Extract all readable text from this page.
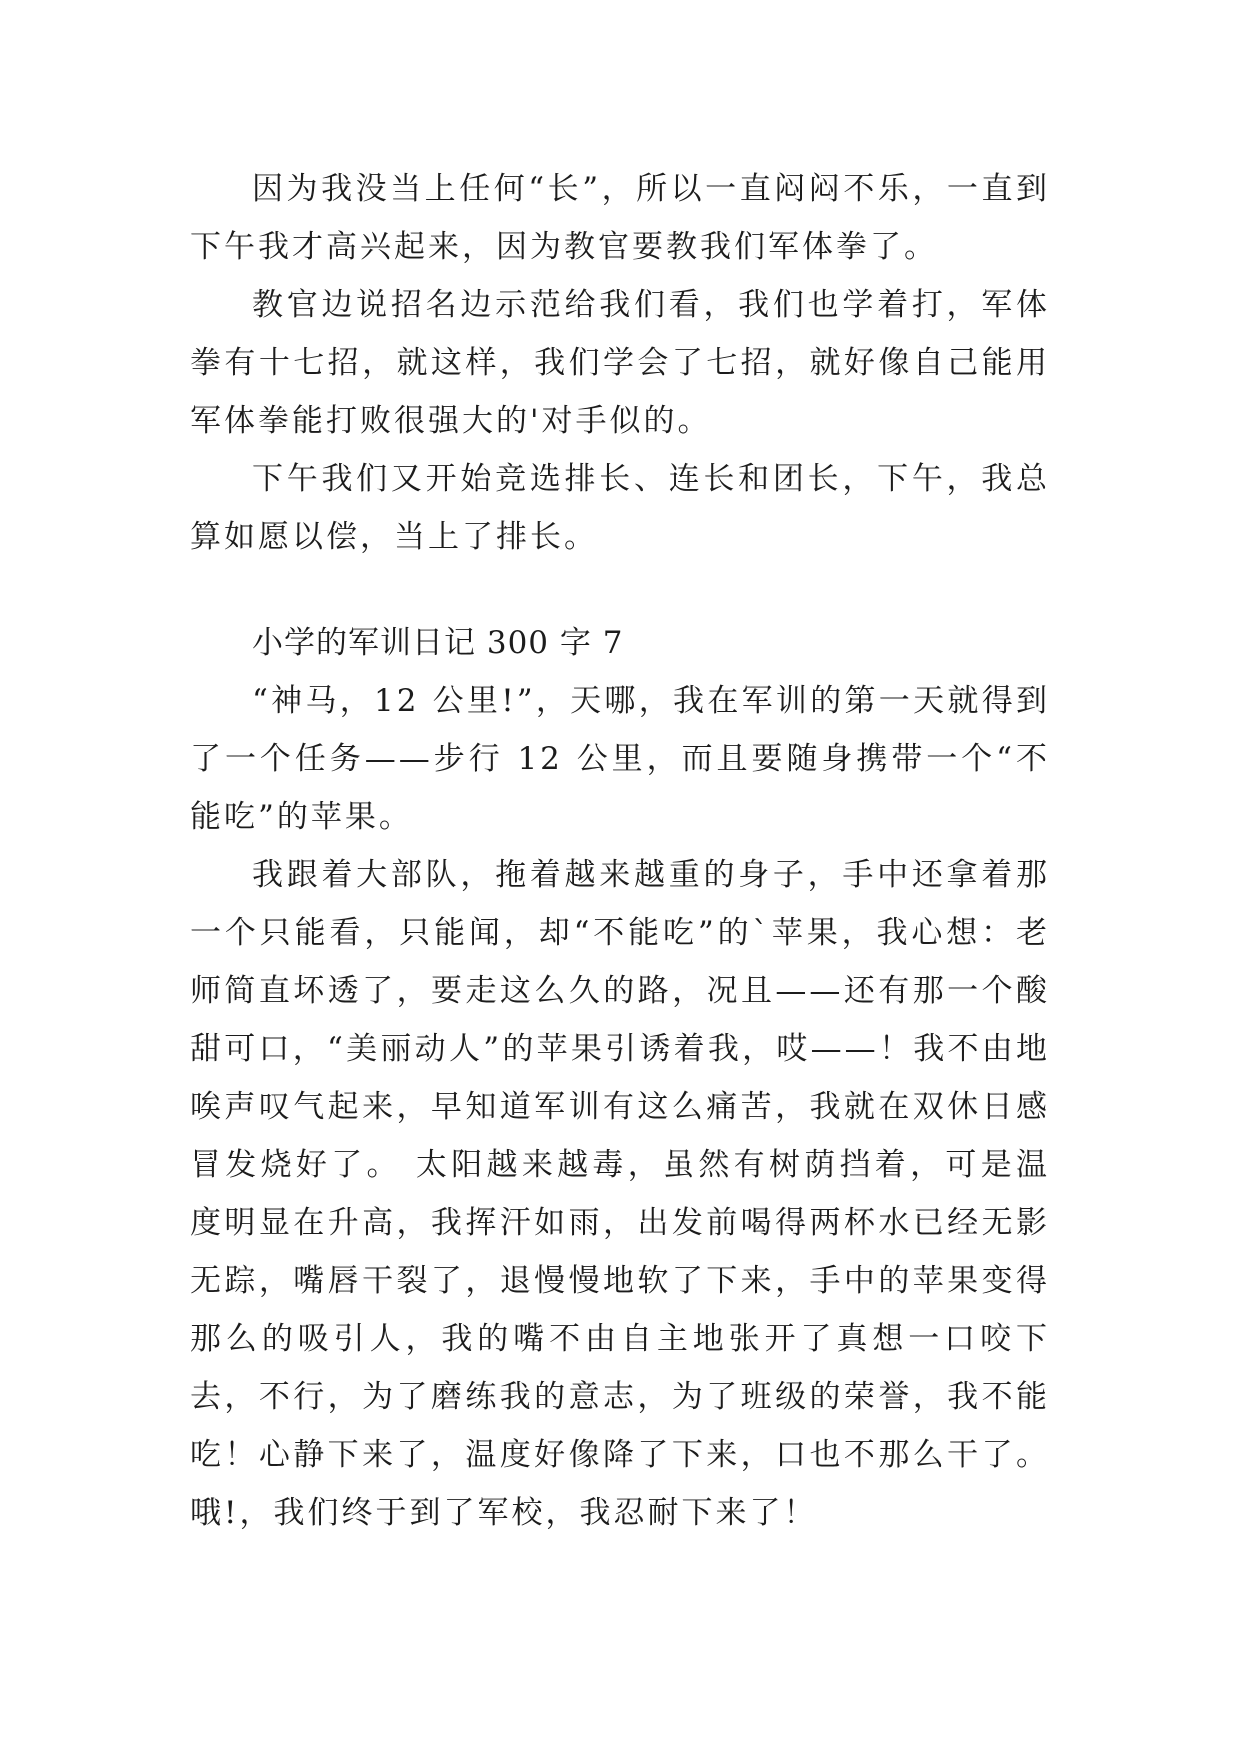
因为我没当上任何“长”，所以一直闷闷不乐，一直到下午我才高兴起来，因为教官要教我们军体拳了。

教官边说招名边示范给我们看，我们也学着打，军体拳有十七招，就这样，我们学会了七招，就好像自己能用军体拳能打败很强大的'对手似的。

下午我们又开始竞选排长、连长和团长，下午，我总算如愿以偿，当上了排长。

小学的军训日记 300 字 7

“神马，12 公里!”，天哪，我在军训的第一天就得到了一个任务——步行 12 公里，而且要随身携带一个“不能吃”的苹果。

我跟着大部队，拖着越来越重的身子，手中还拿着那一个只能看，只能闻，却“不能吃”的`苹果，我心想：老师简直坏透了，要走这么久的路，况且——还有那一个酸甜可口，“美丽动人”的苹果引诱着我，哎——！我不由地唉声叹气起来，早知道军训有这么痛苦，我就在双休日感冒发烧好了。 太阳越来越毒，虽然有树荫挡着，可是温度明显在升高，我挥汗如雨，出发前喝得两杯水已经无影无踪，嘴唇干裂了，退慢慢地软了下来，手中的苹果变得那么的吸引人，我的嘴不由自主地张开了真想一口咬下去，不行，为了磨练我的意志，为了班级的荣誉，我不能吃！心静下来了，温度好像降了下来，口也不那么干了。哦!，我们终于到了军校，我忍耐下来了！
